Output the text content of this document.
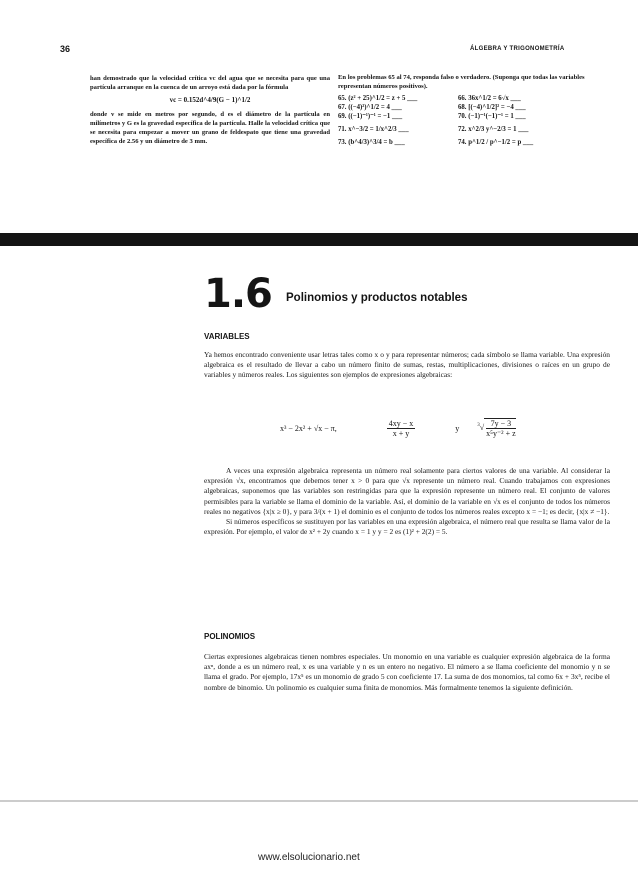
36	ÁLGEBRA Y TRIGONOMETRÍA
han demostrado que la velocidad crítica vc del agua que se necesita para que una partícula arranque en la cuenca de un arroyo está dada por la fórmula
vc = 0.152d^4/9(G − 1)^1/2
donde v se mide en metros por segundo, d es el diámetro de la partícula en milímetros y G es la gravedad específica de la partícula. Halle la velocidad crítica que se necesita para empezar a mover un grano de feldespato que tiene una gravedad específica de 2.56 y un diámetro de 3 mm.
En los problemas 65 al 74, responda falso o verdadero. (Suponga que todas las variables representan números positivos).
65. (z² + 25)^1/2 = z + 5 ___	66. 36x^1/2 = 6√x ___
67. ((−4)²)^1/2 = 4 ___	68. [(−4)^1/2]² = −4 ___
69. ((−1)⁻¹)⁻¹ = −1 ___	70. (−1)⁻¹(−1)⁻¹ = 1 ___
71. x^−3/2 = 1/x^2/3 ___	72. x^2/3 y^−2/3 = 1 ___
73. (b^4/3)^3/4 = b ___	74. p^1/2 / p^−1/2 = p ___
1.6 Polinomios y productos notables
VARIABLES
Ya hemos encontrado conveniente usar letras tales como x o y para representar números; cada símbolo se llama variable. Una expresión algebraica es el resultado de llevar a cabo un número finito de sumas, restas, multiplicaciones, divisiones o raíces en un grupo de variables y números reales. Los siguientes son ejemplos de expresiones algebraicas:
x³ − 2x² + √x − π,	$\frac{4xy - x}{x + y}$	y	$^3√ \frac{7y - 3}{\text{x⁵y⁻² + z}}$

A veces una expresión algebraica representa un número real solamente para ciertos valores de una variable. Al considerar la expresión √x, encontramos que debemos tener x > 0 para que √x represente un número real. Cuando trabajamos con expresiones algebraicas, suponemos que las variables son restringidas para que la expresión represente un número real. El conjunto de valores permisibles para la variable se llama el dominio de la variable. Así, el dominio de la variable en √x es el conjunto de todos los números reales no negativos {x|x ≥ 0}, y para 3/(x + 1) el dominio es el conjunto de todos los números reales excepto x = −1; es decir, {x|x ≠ −1}.

Si números específicos se sustituyen por las variables en una expresión algebraica, el número real que resulta se llama valor de la expresión. Por ejemplo, el valor de x² + 2y cuando x = 1 y y = 2 es (1)² + 2(2) = 5.

POLINOMIOS
Ciertas expresiones algebraicas tienen nombres especiales. Un monomio en una variable es cualquier expresión algebraica de la forma axⁿ, donde a es un número real, x es una variable y n es un entero no negativo. El número a se llama coeficiente del monomio y n se llama el grado. Por ejemplo, 17x⁵ es un monomio de grado 5 con coeficiente 17. La suma de dos monomios, tal como 6x + 3x⁵, recibe el nombre de binomio. Un polinomio es cualquier suma finita de monomios. Más formalmente tenemos la siguiente definición.
www.elsolucionario.net
